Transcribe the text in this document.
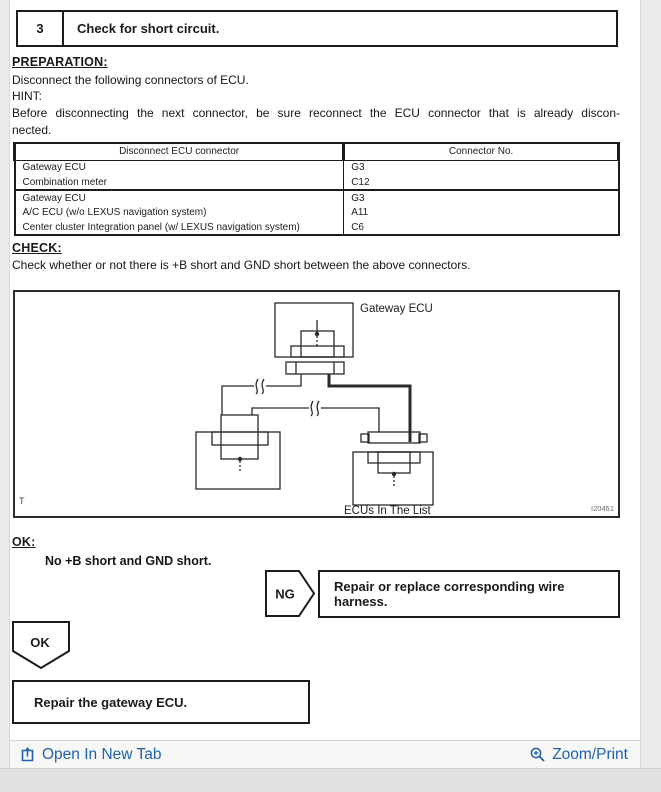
3	Check for short circuit.
PREPARATION:
Disconnect the following connectors of ECU.
HINT:
Before disconnecting the next connector, be sure reconnect the ECU connector that is already discon-
nected.
Disconnect ECU connector	Connector No.
Gateway ECU	G3
Combination meter	C12
Gateway ECU	G3
A/C ECU (w/o LEXUS navigation system)	A11
Center cluster Integration panel (w/ LEXUS navigation system)	C6
CHECK:
Check whether or not there is +B short and GND short between the above connectors.
Gateway ECU
ECUs In The List
T
I20451
OK:
No +B short and GND short.
NG	Repair or replace corresponding wire harness.
OK
Repair the gateway ECU.
Open In New Tab	Zoom/Print
